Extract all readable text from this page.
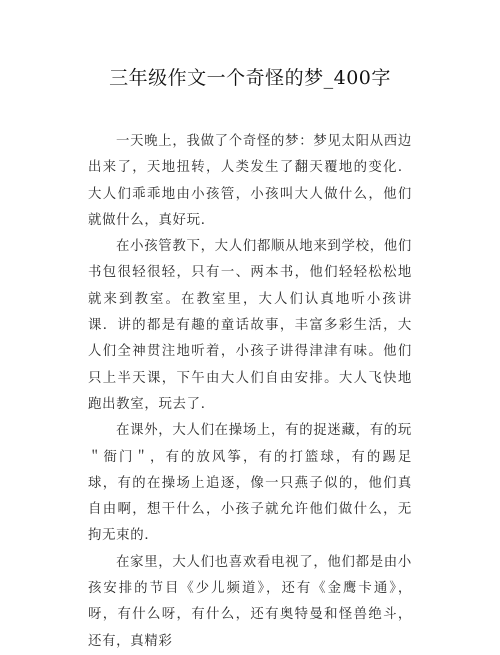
三年级作文一个奇怪的梦_400字

一天晚上，我做了个奇怪的梦：梦见太阳从西边出来了，天地扭转，人类发生了翻天覆地的变化．大人们乖乖地由小孩管，小孩叫大人做什么，他们就做什么，真好玩．

在小孩管教下，大人们都顺从地来到学校，他们书包很轻很轻，只有一、两本书，他们轻轻松松地就来到教室。在教室里，大人们认真地听小孩讲课．讲的都是有趣的童话故事，丰富多彩生活，大人们全神贯注地听着，小孩子讲得津津有味。他们只上半天课，下午由大人们自由安排。大人飞快地跑出教室，玩去了．

在课外，大人们在操场上，有的捉迷藏，有的玩＂衙门＂，有的放风筝，有的打篮球，有的踢足球，有的在操场上追逐，像一只燕子似的，他们真自由啊，想干什么，小孩子就允许他们做什么，无拘无束的．

在家里，大人们也喜欢看电视了，他们都是由小孩安排的节目《少儿频道》，还有《金鹰卡通》，呀，有什么呀，有什么，还有奥特曼和怪兽绝斗，还有，真精彩
